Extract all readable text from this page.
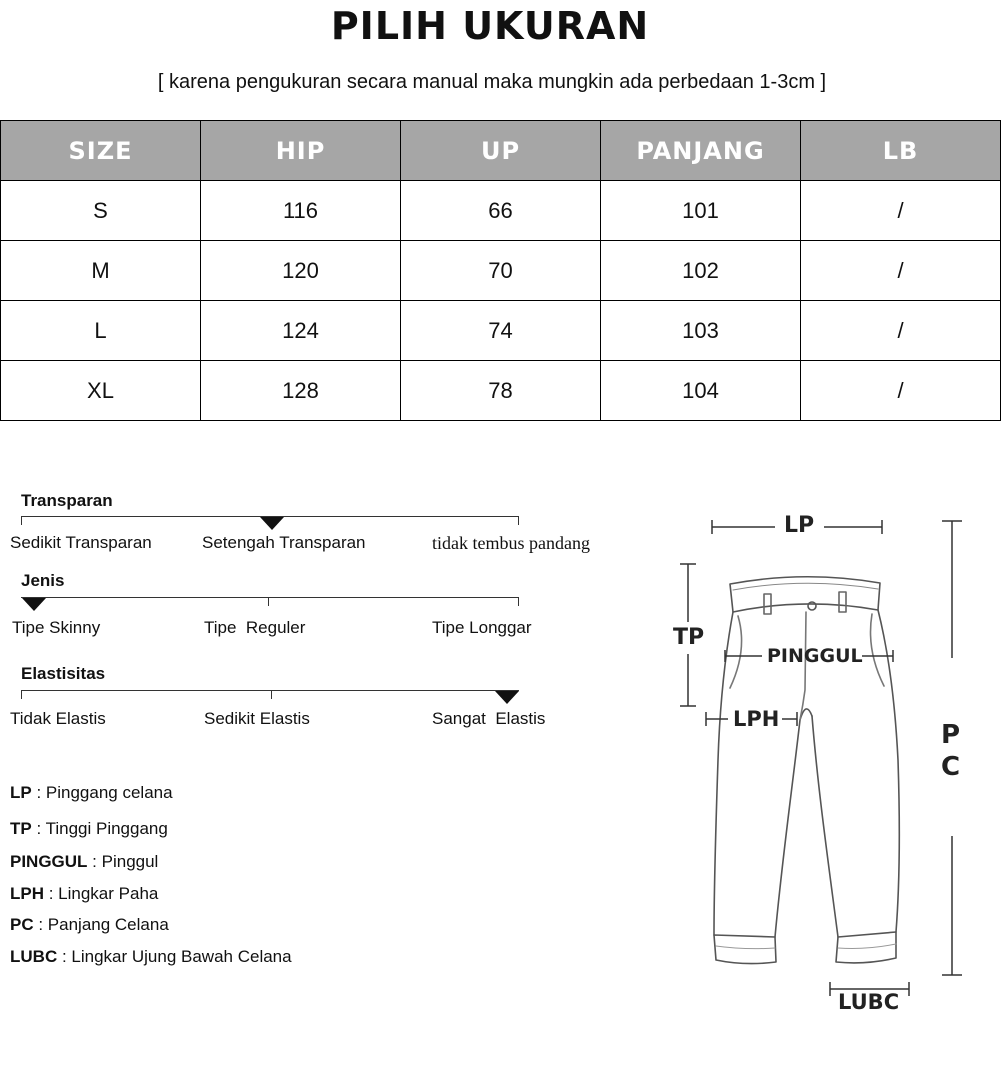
PILIH UKURAN
[ karena pengukuran secara manual maka mungkin ada perbedaan 1-3cm ]
SIZE	HIP	UP	PANJANG	LB
S	116	66	101	/
M	120	70	102	/
L	124	74	103	/
XL	128	78	104	/
Transparan
Sedikit Transparan	Setengah Transparan	tidak tembus pandang
Jenis
Tipe Skinny	Tipe  Reguler	Tipe Longgar
Elastisitas
Tidak Elastis	Sedikit Elastis	Sangat  Elastis
LP : Pinggang celana
TP : Tinggi Pinggang
PINGGUL : Pinggul
LPH : Lingkar Paha
PC : Panjang Celana
LUBC : Lingkar Ujung Bawah Celana
LP
TP
PINGGUL
LPH
P
C
LUBC
